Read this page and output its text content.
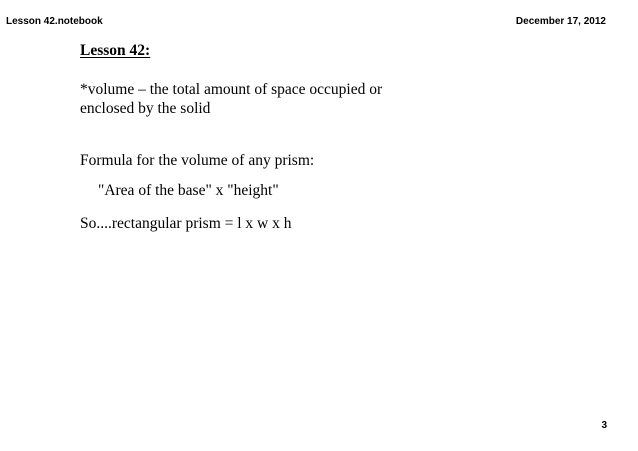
Lesson 42.notebook	December 17, 2012
Lesson 42:
*volume – the total amount of space occupied or
enclosed by the solid
Formula for the volume of any prism:
"Area of the base" x "height"
So....rectangular prism = l x w x h
3
